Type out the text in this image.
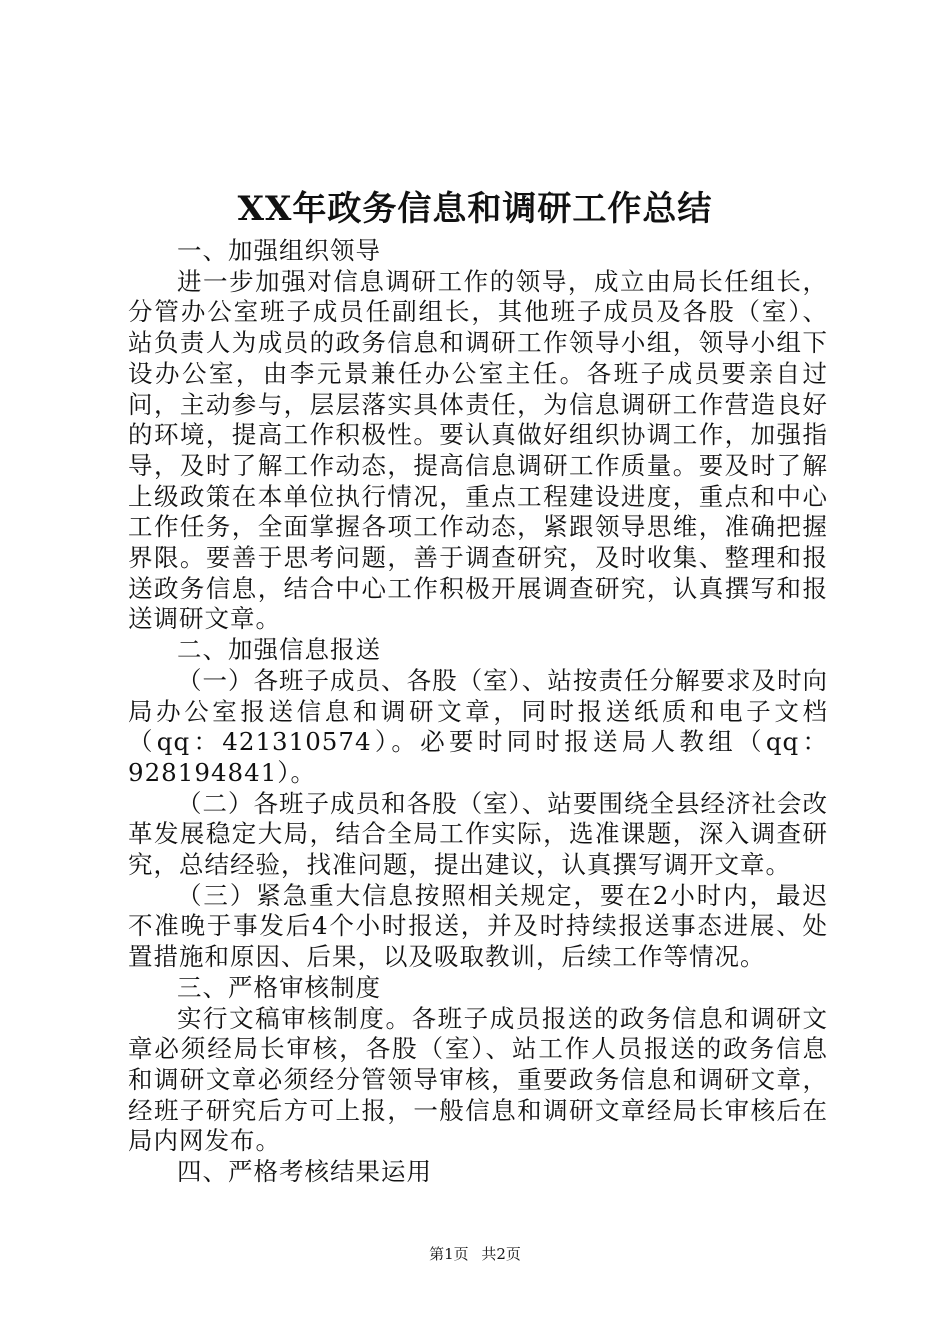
XX年政务信息和调研工作总结

一、加强组织领导

进一步加强对信息调研工作的领导，成立由局长任组长，分管办公室班子成员任副组长，其他班子成员及各股（室）、站负责人为成员的政务信息和调研工作领导小组，领导小组下设办公室，由李元景兼任办公室主任。各班子成员要亲自过问，主动参与，层层落实具体责任，为信息调研工作营造良好的环境，提高工作积极性。要认真做好组织协调工作，加强指导，及时了解工作动态，提高信息调研工作质量。要及时了解上级政策在本单位执行情况，重点工程建设进度，重点和中心工作任务，全面掌握各项工作动态，紧跟领导思维，准确把握界限。要善于思考问题，善于调查研究，及时收集、整理和报送政务信息，结合中心工作积极开展调查研究，认真撰写和报送调研文章。

二、加强信息报送

（一）各班子成员、各股（室）、站按责任分解要求及时向局办公室报送信息和调研文章，同时报送纸质和电子文档（qq：421310574）。必要时同时报送局人教组（qq：928194841）。

（二）各班子成员和各股（室）、站要围绕全县经济社会改革发展稳定大局，结合全局工作实际，选准课题，深入调查研究，总结经验，找准问题，提出建议，认真撰写调开文章。

（三）紧急重大信息按照相关规定，要在2小时内，最迟不准晚于事发后4个小时报送，并及时持续报送事态进展、处置措施和原因、后果，以及吸取教训，后续工作等情况。

三、严格审核制度

实行文稿审核制度。各班子成员报送的政务信息和调研文章必须经局长审核，各股（室）、站工作人员报送的政务信息和调研文章必须经分管领导审核，重要政务信息和调研文章，经班子研究后方可上报，一般信息和调研文章经局长审核后在局内网发布。

四、严格考核结果运用

第1页 共2页
